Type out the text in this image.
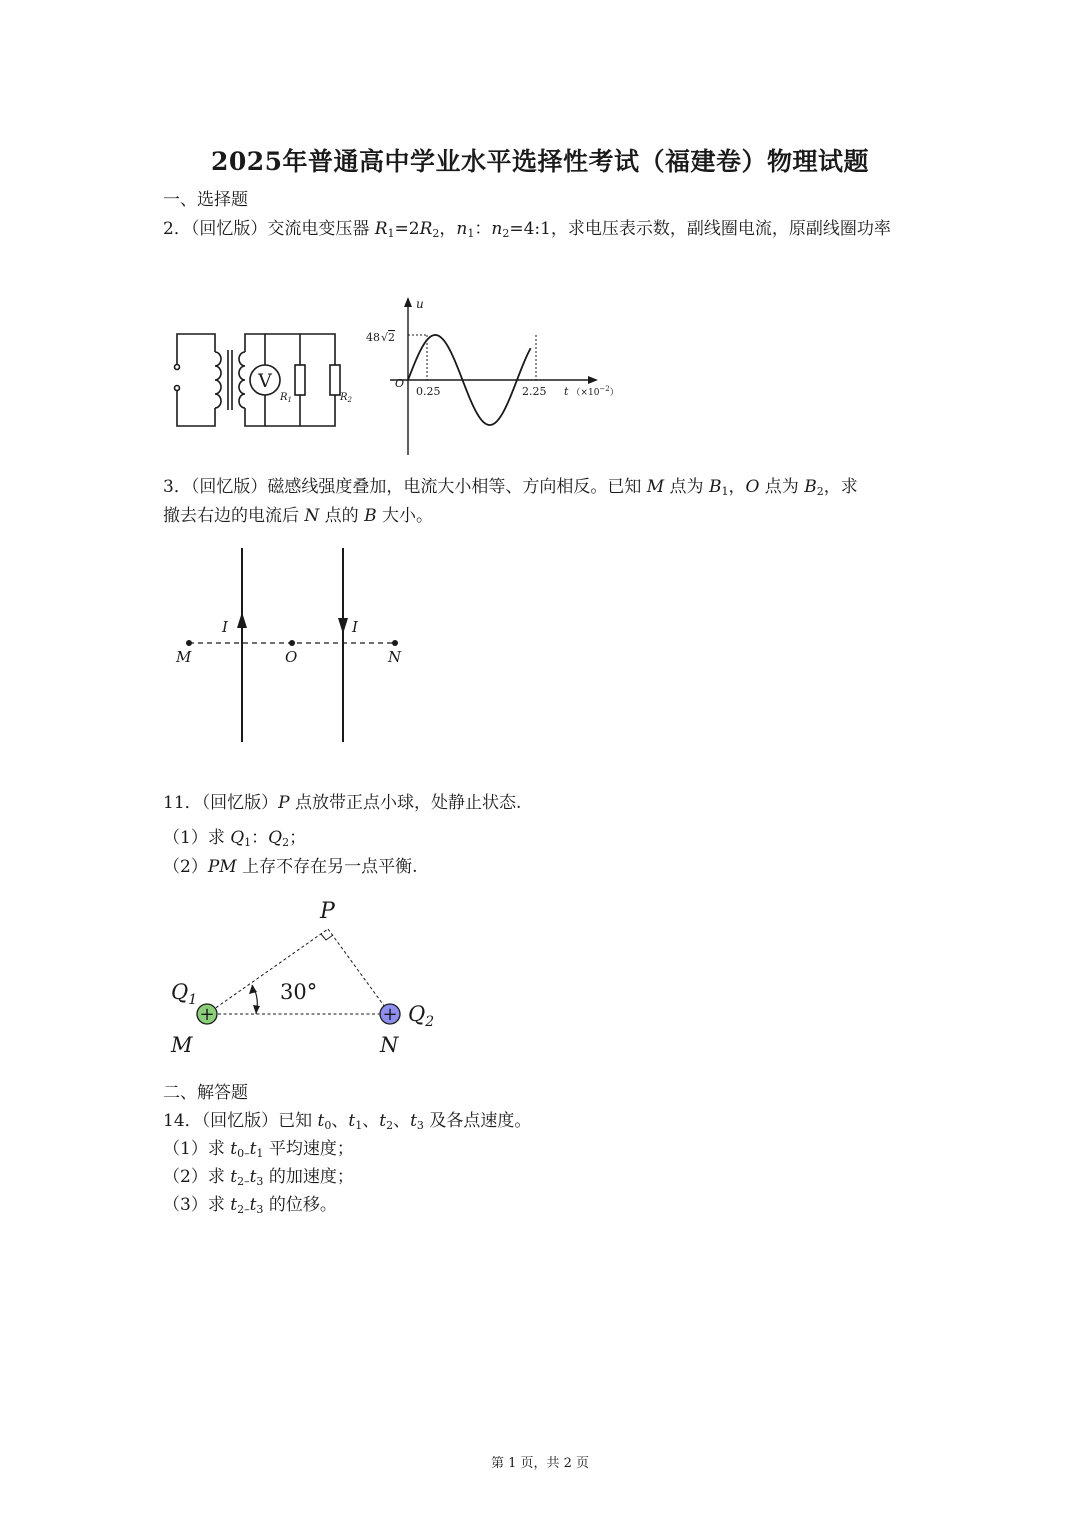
2025年普通高中学业水平选择性考试（福建卷）物理试题
一、选择题
2．（回忆版）交流电变压器 $R_1=2R_2$，$n_1$：$n_2=4:1$，求电压表示数，副线圈电流，原副线圈功率
V
$R_1$	$R_2$
u
48√2
O
0.25	2.25 t （$\times 10^{-2}_)$
3．（回忆版）磁感线强度叠加，电流大小相等、方向相反。已知 M 点为 $B_1$，O 点为 $B_2$，求
撤去右边的电流后 N 点的 B 大小。
I	I
M	O	N
11．（回忆版）P 点放带正点小球，处静止状态.
（1）求 $Q_1$：$Q_2$；
（2）PM 上存不存在另一点平衡.
+	+
P
30°
$Q_1$
$Q_2$
M	N
二、解答题
14．（回忆版）已知 $t_0$、$t_1$、$t_2$、$t_3$ 及各点速度。
（1）求 $t_{0-}t_1$ 平均速度；
（2）求 $t_{2-}t_3$ 的加速度；
（3）求 $t_{2-}t_3$ 的位移。
第 1 页，共 2 页
